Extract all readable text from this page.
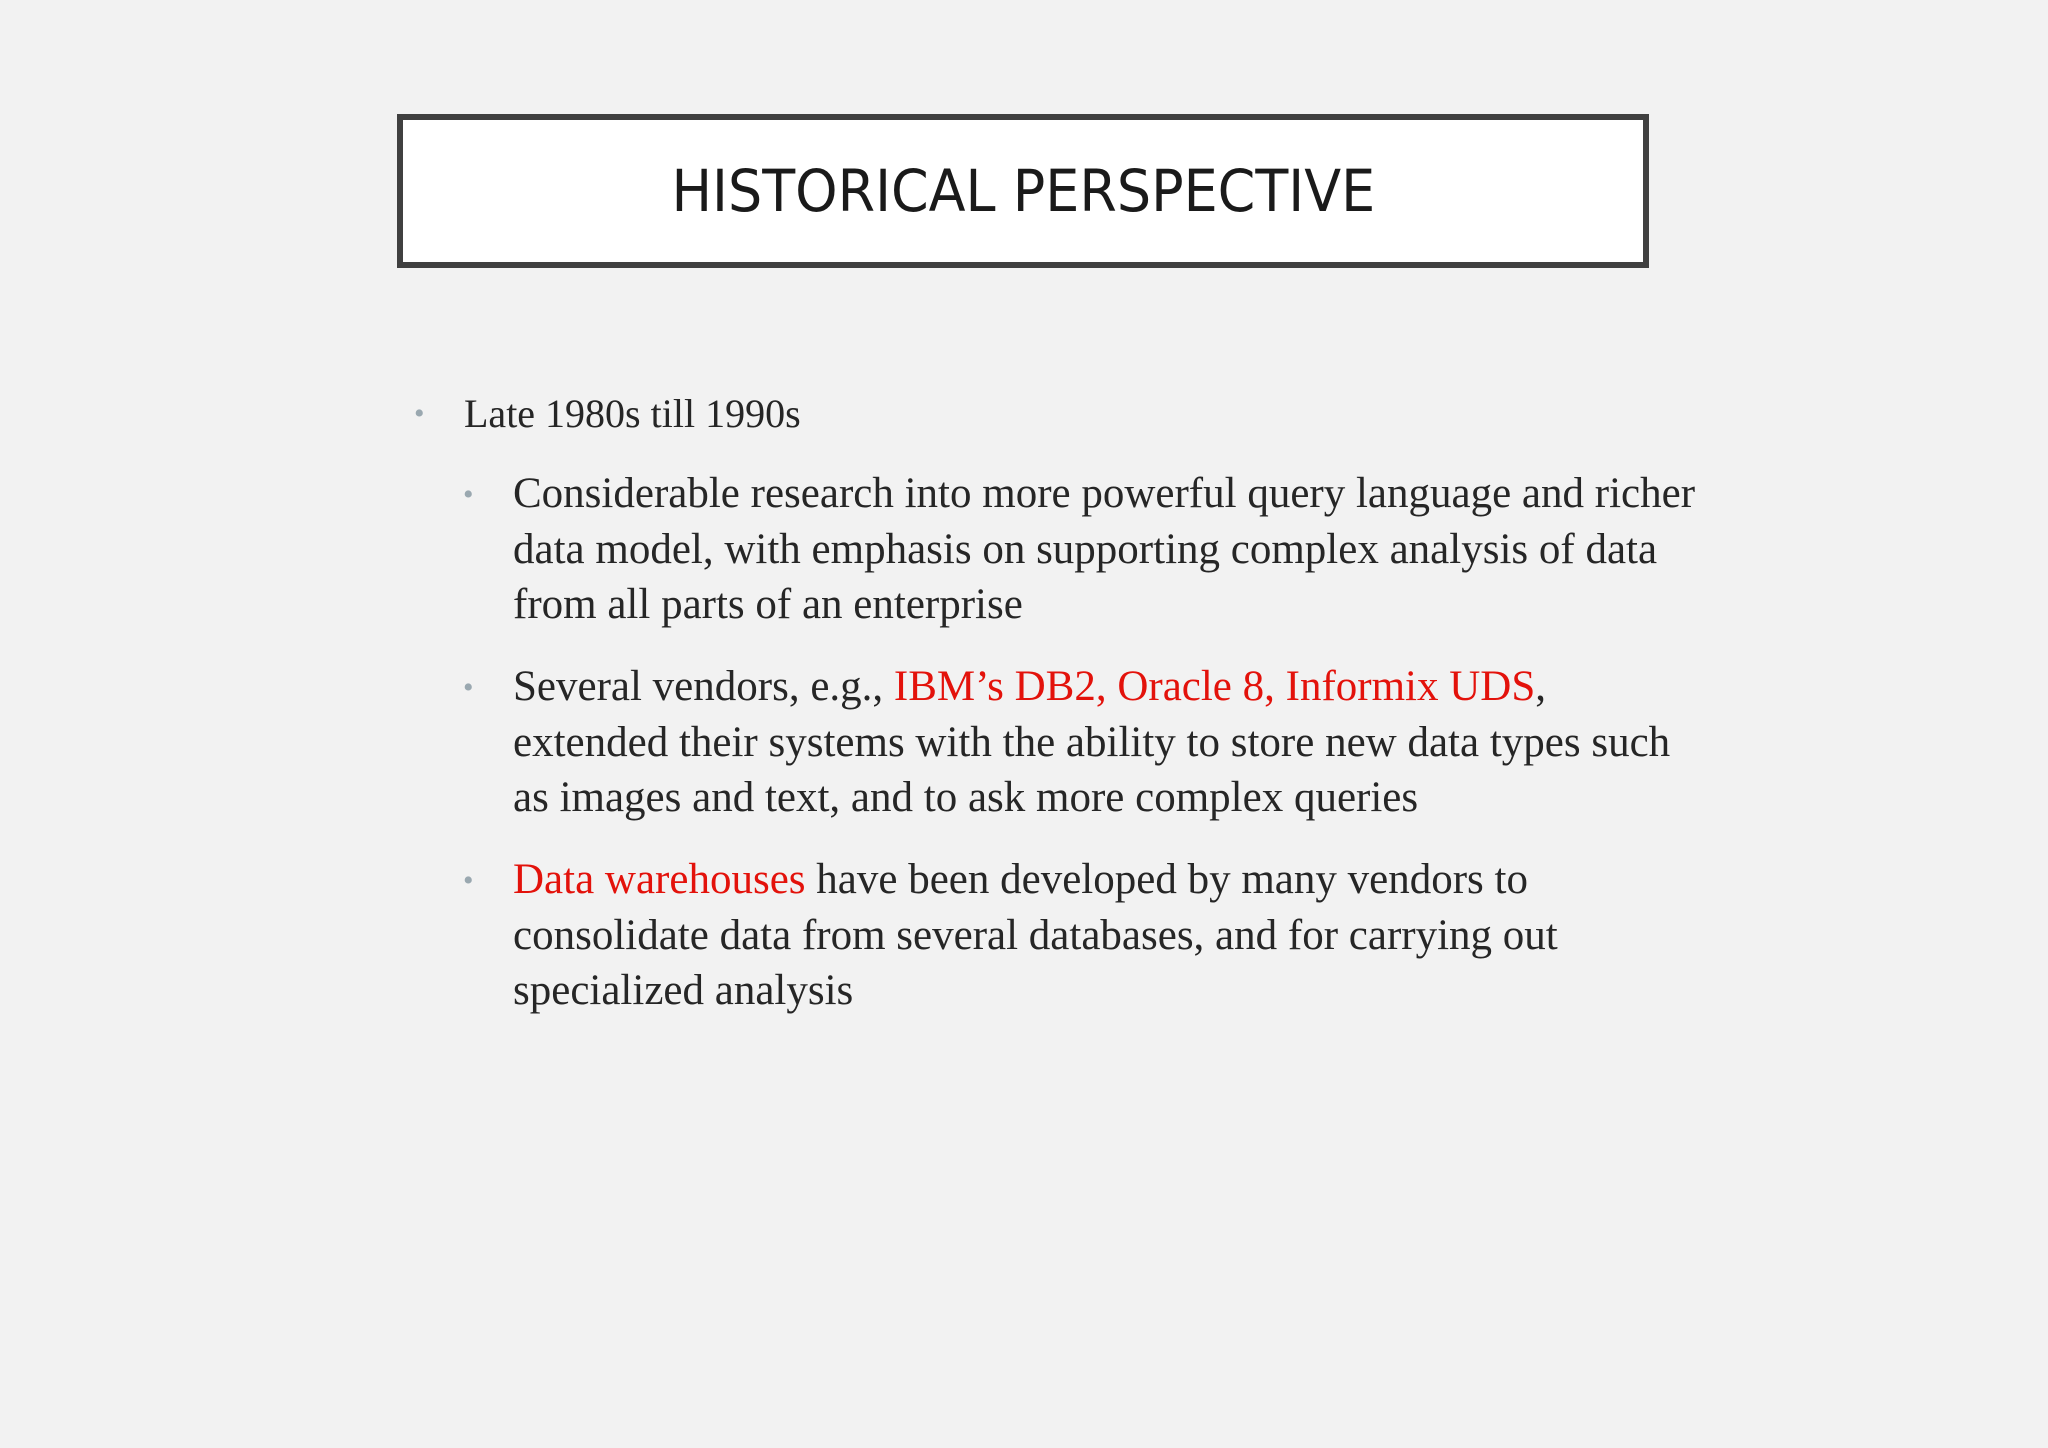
HISTORICAL PERSPECTIVE
• Late 1980s till 1990s
• Considerable research into more powerful query language and richer
data model, with emphasis on supporting complex analysis of data
from all parts of an enterprise
• Several vendors, e.g., IBM’s DB2, Oracle 8, Informix UDS,
extended their systems with the ability to store new data types such
as images and text, and to ask more complex queries
• Data warehouses have been developed by many vendors to
consolidate data from several databases, and for carrying out
specialized analysis
